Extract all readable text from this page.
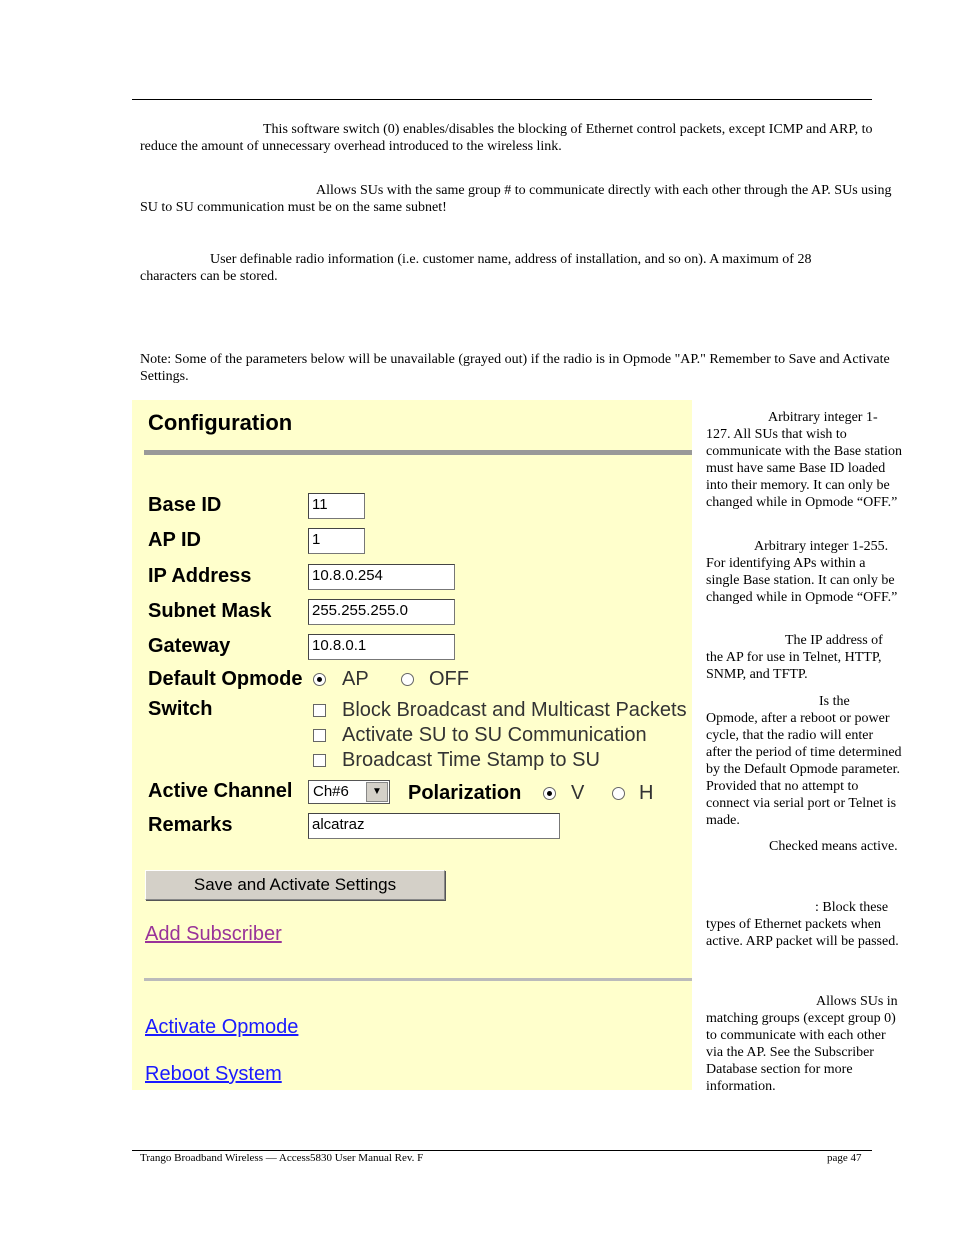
This software switch (0) enables/disables the blocking of Ethernet control packets, except ICMP and ARP, to reduce the amount of unnecessary overhead introduced to the wireless link.
Allows SUs with the same group # to communicate directly with each other through the AP. SUs using SU to SU communication must be on the same subnet!
User definable radio information (i.e. customer name, address of installation, and so on). A maximum of 28 characters can be stored.
Note: Some of the parameters below will be unavailable (grayed out) if the radio is in Opmode "AP." Remember to Save and Activate Settings.
Configuration
Base ID	11
AP ID	1
IP Address	10.8.0.254
Subnet Mask	255.255.255.0
Gateway	10.8.0.1
Default Opmode AP	OFF
Switch	Block Broadcast and Multicast Packets
Activate SU to SU Communication
Broadcast Time Stamp to SU
Active Channel	Ch#6	▼	Polarization V	H
Remarks	alcatraz
Save and Activate Settings
Add Subscriber
Activate Opmode
Reboot System
Arbitrary integer 1-127. All SUs that wish to communicate with the Base station must have same Base ID loaded into their memory. It can only be changed while in Opmode “OFF.”
Arbitrary integer 1-255. For identifying APs within a single Base station. It can only be changed while in Opmode “OFF.”
The IP address of the AP for use in Telnet, HTTP, SNMP, and TFTP.
Is the Opmode, after a reboot or power cycle, that the radio will enter after the period of time determined by the Default Opmode parameter. Provided that no attempt to connect via serial port or Telnet is made.
Checked means active.
: Block these types of Ethernet packets when active. ARP packet will be passed.
Allows SUs in matching groups (except group 0) to communicate with each other via the AP. See the Subscriber Database section for more information.
Trango Broadband Wireless — Access5830 User Manual Rev. F	page 47
